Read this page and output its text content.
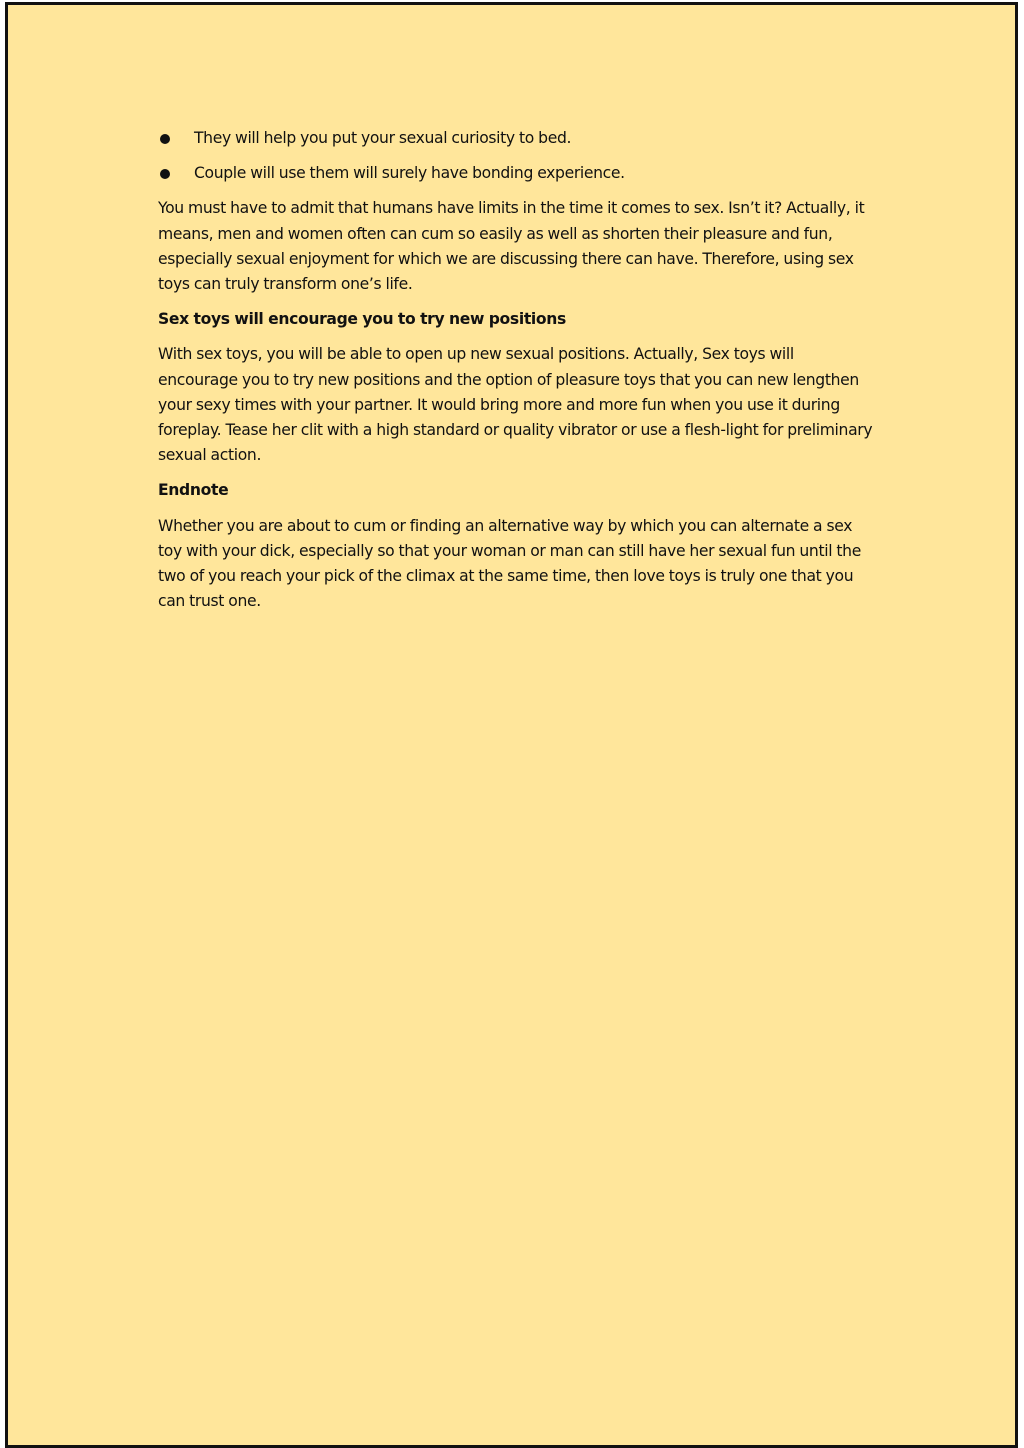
They will help you put your sexual curiosity to bed.
Couple will use them will surely have bonding experience.

You must have to admit that humans have limits in the time it comes to sex. Isn’t it? Actually, it means, men and women often can cum so easily as well as shorten their pleasure and fun, especially sexual enjoyment for which we are discussing there can have. Therefore, using sex toys can truly transform one’s life.

Sex toys will encourage you to try new positions

With sex toys, you will be able to open up new sexual positions. Actually, Sex toys will encourage you to try new positions and the option of pleasure toys that you can new lengthen your sexy times with your partner. It would bring more and more fun when you use it during foreplay. Tease her clit with a high standard or quality vibrator or use a flesh-light for preliminary sexual action.

Endnote

Whether you are about to cum or finding an alternative way by which you can alternate a sex toy with your dick, especially so that your woman or man can still have her sexual fun until the two of you reach your pick of the climax at the same time, then love toys is truly one that you can trust one.
